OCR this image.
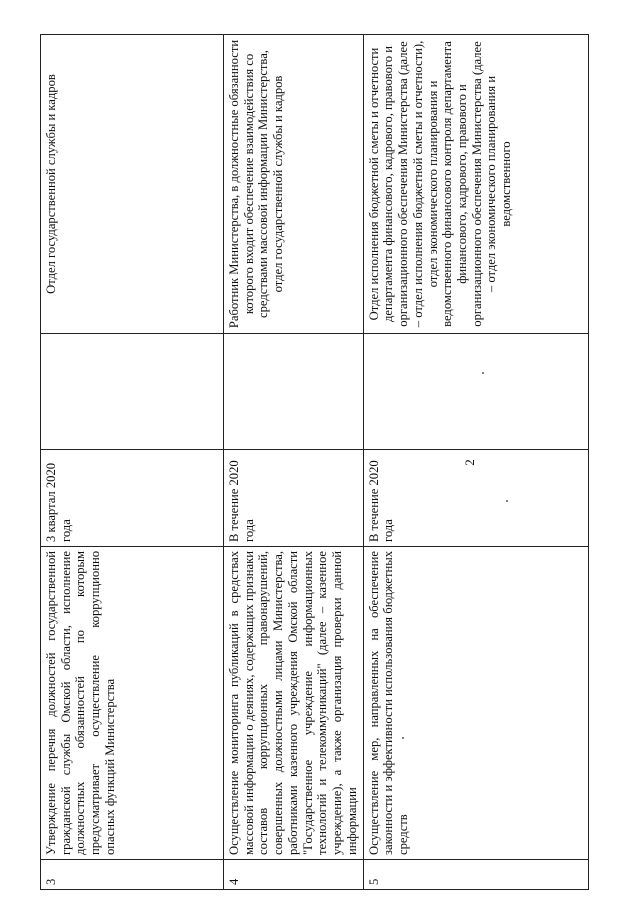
3	Утверждение перечня должностей государственной гражданской службы Омской области, исполнение должностных обязанностей по которым предусматривает осуществление коррупционно опасных функций Министерства	3 квартал 2020 года		Отдел государственной службы и кадров
4	Осуществление мониторинга публикаций в средствах массовой информации о деяниях, содержащих признаки составов коррупционных правонарушений, совершенных должностными лицами Министерства, работниками казенного учреждения Омской области "Государственное учреждение информационных технологий и телекоммуникаций" (далее – казенное учреждение), а также организация проверки данной информации	В течение 2020 года		Работник Министерства, в должностные обязанности которого входит обеспечение взаимодействия со средствами массовой информации Министерства, отдел государственной службы и кадров
5	Осуществление мер, направленных на обеспечение законности и эффективности использования бюджетных средств	В течение 2020 года		Отдел исполнения бюджетной сметы и отчетности департамента финансового, кадрового, правового и организационного обеспечения Министерства (далее – отдел исполнения бюджетной сметы и отчетности), отдел экономического планирования и ведомственного финансового контроля департамента финансового, кадрового, правового и организационного обеспечения Министерства (далее – отдел экономического планирования и ведомственного
2
